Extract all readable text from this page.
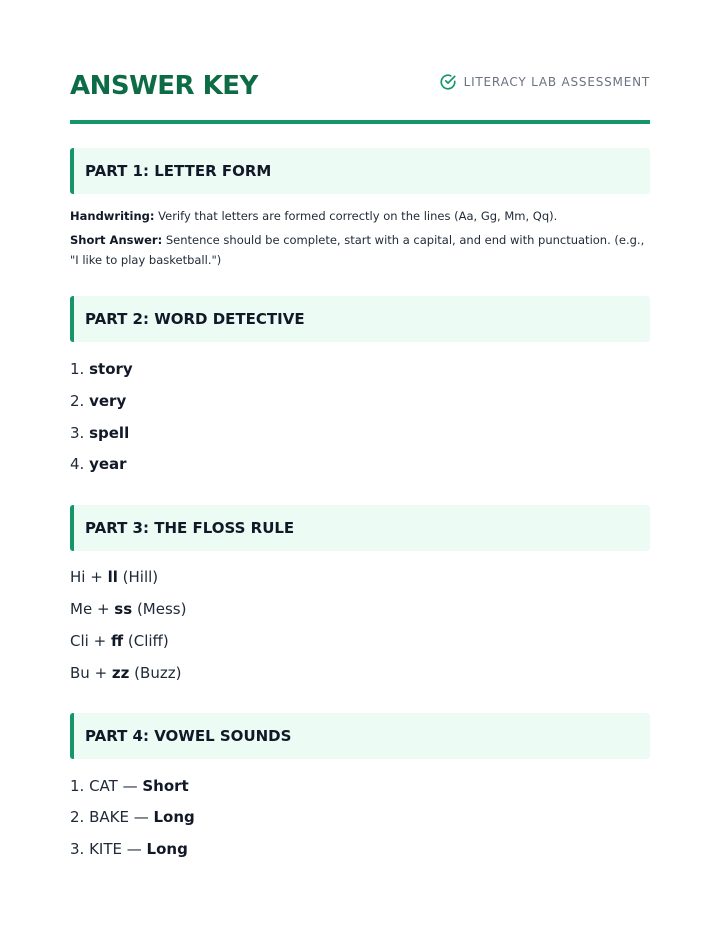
ANSWER KEY	LITERACY LAB ASSESSMENT
PART 1: LETTER FORM
Handwriting: Verify that letters are formed correctly on the lines (Aa, Gg, Mm, Qq).
Short Answer: Sentence should be complete, start with a capital, and end with punctuation. (e.g., "I like to play basketball.")
PART 2: WORD DETECTIVE
1. story
2. very
3. spell
4. year
PART 3: THE FLOSS RULE
Hi + ll (Hill)
Me + ss (Mess)
Cli + ff (Cliff)
Bu + zz (Buzz)
PART 4: VOWEL SOUNDS
1. CAT — Short
2. BAKE — Long
3. KITE — Long
